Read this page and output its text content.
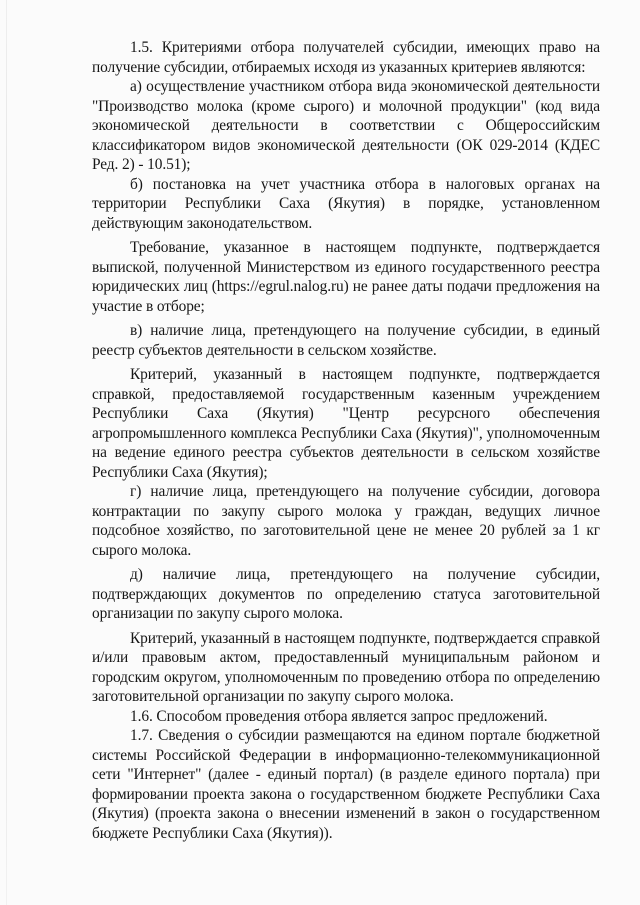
1.5. Критериями отбора получателей субсидии, имеющих право на получение субсидии, отбираемых исходя из указанных критериев являются:

а) осуществление участником отбора вида экономической деятельности "Производство молока (кроме сырого) и молочной продукции" (код вида экономической деятельности в соответствии с Общероссийским классификатором видов экономической деятельности (ОК 029-2014 (КДЕС Ред. 2) - 10.51);

б) постановка на учет участника отбора в налоговых органах на территории Республики Саха (Якутия) в порядке, установленном действующим законодательством.

Требование, указанное в настоящем подпункте, подтверждается выпиской, полученной Министерством из единого государственного реестра юридических лиц (https://egrul.nalog.ru) не ранее даты подачи предложения на участие в отборе;

в) наличие лица, претендующего на получение субсидии, в единый реестр субъектов деятельности в сельском хозяйстве.

Критерий, указанный в настоящем подпункте, подтверждается справкой, предоставляемой государственным казенным учреждением Республики Саха (Якутия) "Центр ресурсного обеспечения агропромышленного комплекса Республики Саха (Якутия)", уполномоченным на ведение единого реестра субъектов деятельности в сельском хозяйстве Республики Саха (Якутия);

г) наличие лица, претендующего на получение субсидии, договора контрактации по закупу сырого молока у граждан, ведущих личное подсобное хозяйство, по заготовительной цене не менее 20 рублей за 1 кг сырого молока.

д) наличие лица, претендующего на получение субсидии, подтверждающих документов по определению статуса заготовительной организации по закупу сырого молока.

Критерий, указанный в настоящем подпункте, подтверждается справкой и/или правовым актом, предоставленный муниципальным районом и городским округом, уполномоченным по проведению отбора по определению заготовительной организации по закупу сырого молока.

1.6. Способом проведения отбора является запрос предложений.

1.7. Сведения о субсидии размещаются на едином портале бюджетной системы Российской Федерации в информационно-телекоммуникационной сети "Интернет" (далее - единый портал) (в разделе единого портала) при формировании проекта закона о государственном бюджете Республики Саха (Якутия) (проекта закона о внесении изменений в закон о государственном бюджете Республики Саха (Якутия)).
